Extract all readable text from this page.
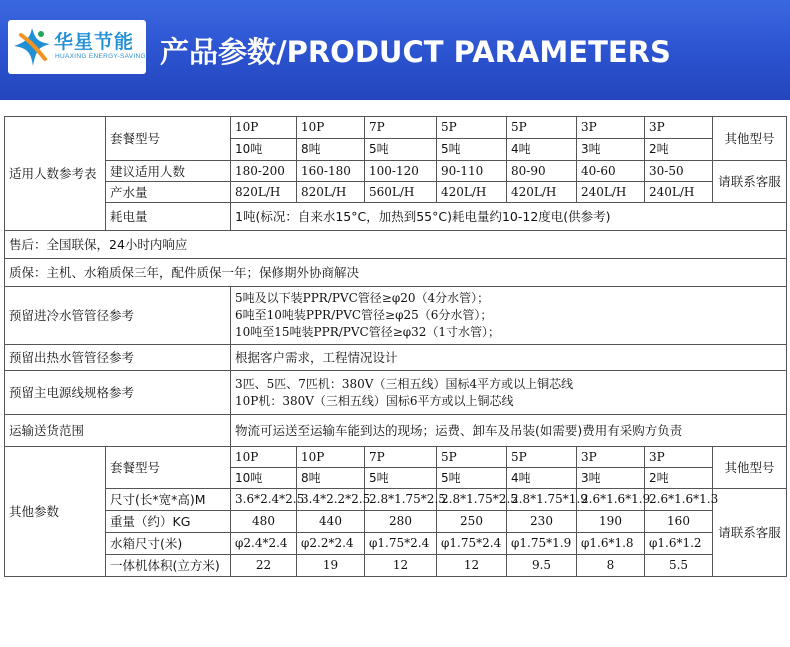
华星节能
HUAXING ENERGY-SAVING 产品参数/PRODUCT PARAMETERS
适用人数参考表	套餐型号	10P	10P	7P	5P	5P	3P	3P	其他型号
		10吨	8吨	5吨	5吨	4吨	3吨	2吨	
	建议适用人数	180-200	160-180	100-120	90-110	80-90	40-60	30-50	请联系客服
	产水量	820L/H	820L/H	560L/H	420L/H	420L/H	240L/H	240L/H	
	耗电量	1吨(标况：自来水15°C，加热到55°C)耗电量约10-12度电(供参考)							
售后：全国联保，24小时内响应									
质保：主机、水箱质保三年，配件质保一年；保修期外协商解决									
预留进冷水管管径参考		5吨及以下装PPR/PVC管径≥φ20（4分水管）；
6吨至10吨装PPR/PVC管径≥φ25（6分水管）；
10吨至15吨装PPR/PVC管径≥φ32（1寸水管）；							

预留出热水管管径参考		根据客户需求，工程情况设计							
预留主电源线规格参考		3匹、5匹、7匹机：380V（三相五线）国标4平方或以上铜芯线
10P机：380V（三相五线）国标6平方或以上铜芯线							

运输送货范围		物流可运送至运输车能到达的现场；运费、卸车及吊装(如需要)费用有采购方负责							
其他参数	套餐型号	10P	10P	7P	5P	5P	3P	3P	其他型号
		10吨	8吨	5吨	5吨	4吨	3吨	2吨	
	尺寸(长*宽*高)M	3.6*2.4*2.5	3.4*2.2*2.5	2.8*1.75*2.5	2.8*1.75*2.5	2.8*1.75*1.9	2.6*1.6*1.9	2.6*1.6*1.3	请联系客服
	重量（约）KG	480	440	280	250	230	190	160	
	水箱尺寸(米)	φ2.4*2.4	φ2.2*2.4	φ1.75*2.4	φ1.75*2.4	φ1.75*1.9	φ1.6*1.8	φ1.6*1.2	
	一体机体积(立方米)	22	19	12	12	9.5	8	5.5	
